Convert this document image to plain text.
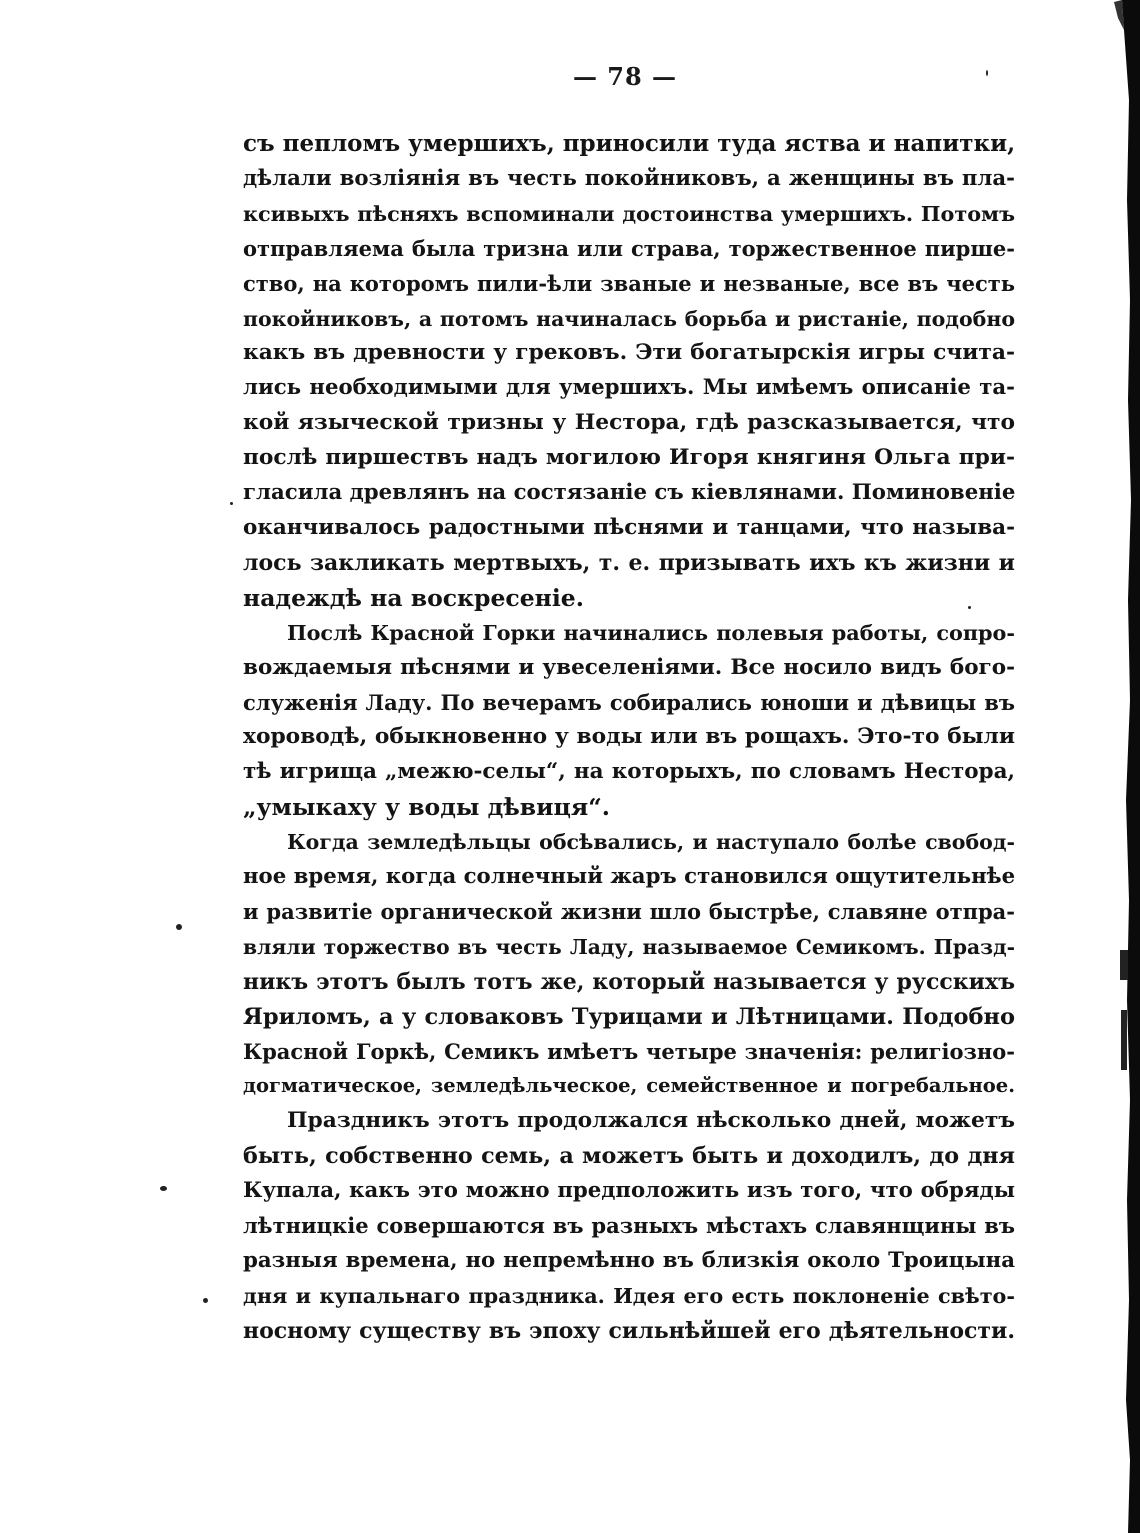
— 78 —

съ пепломъ умершихъ, приносили туда яства и напитки,

дѣлали возліянія въ честь покойниковъ, а женщины въ пла-

ксивыхъ пѣсняхъ вспоминали достоинства умершихъ. Потомъ

отправляема была тризна или страва, торжественное пирше-

ство, на которомъ пили-ѣли званые и незваные, все въ честь

покойниковъ, а потомъ начиналась борьба и ристаніе, подобно

какъ въ древности у грековъ. Эти богатырскія игры счита-

лись необходимыми для умершихъ. Мы имѣемъ описаніе та-

кой языческой тризны у Нестора, гдѣ разсказывается, что

послѣ пиршествъ надъ могилою Игоря княгиня Ольга при-

гласила древлянъ на состязаніе съ кіевлянами. Поминовеніе

оканчивалось радостными пѣснями и танцами, что называ-

лось закликать мертвыхъ, т. е. призывать ихъ къ жизни и

надеждѣ на воскресеніе.

Послѣ Красной Горки начинались полевыя работы, сопро-

вождаемыя пѣснями и увеселеніями. Все носило видъ бого-

служенія Ладу. По вечерамъ собирались юноши и дѣвицы въ

хороводѣ, обыкновенно у воды или въ рощахъ. Это-то были

тѣ игрища „межю-селы“, на которыхъ, по словамъ Нестора,

„умыкаху у воды дѣвиця“.

Когда земледѣльцы обсѣвались, и наступало болѣе свобод-

ное время, когда солнечный жаръ становился ощутительнѣе

и развитіе органической жизни шло быстрѣе, славяне отпра-

вляли торжество въ честь Ладу, называемое Семикомъ. Празд-

никъ этотъ былъ тотъ же, который называется у русскихъ

Яриломъ, а у словаковъ Турицами и Лѣтницами. Подобно

Красной Горкѣ, Семикъ имѣетъ четыре значенія: религіозно-

догматическое, земледѣльческое, семейственное и погребальное.

Праздникъ этотъ продолжался нѣсколько дней, можетъ

быть, собственно семь, а можетъ быть и доходилъ, до дня

Купала, какъ это можно предположить изъ того, что обряды

лѣтницкіе совершаются въ разныхъ мѣстахъ славянщины въ

разныя времена, но непремѣнно въ близкія около Троицына

дня и купальнаго праздника. Идея его есть поклоненіе свѣто-

носному существу въ эпоху сильнѣйшей его дѣятельности.
